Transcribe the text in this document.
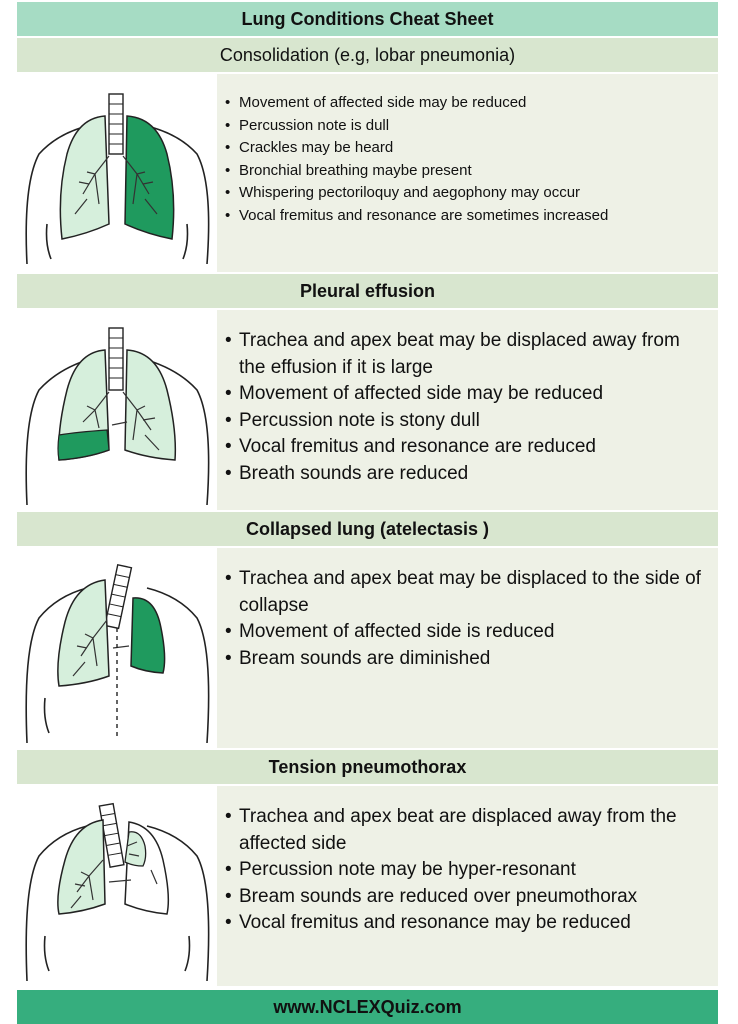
Lung Conditions Cheat Sheet
Consolidation (e.g, lobar pneumonia)
• Movement of affected side may be reduced
• Percussion note is dull
• Crackles may be heard
• Bronchial breathing maybe present
• Whispering pectoriloquy and aegophony may occur
• Vocal fremitus and resonance are sometimes increased
Pleural effusion
• Trachea and apex beat may be displaced away from the effusion if it is large
• Movement of affected side may be reduced
• Percussion note is stony dull
• Vocal fremitus and resonance are reduced
• Breath sounds are reduced
Collapsed lung (atelectasis )
• Trachea and apex beat may be displaced to the side of collapse
• Movement of affected side is reduced
• Bream sounds are diminished
Tension pneumothorax
• Trachea and apex beat are displaced away from the affected side
• Percussion note may be hyper-resonant
• Bream sounds are reduced over pneumothorax
• Vocal fremitus and resonance may be reduced
www.NCLEXQuiz.com
